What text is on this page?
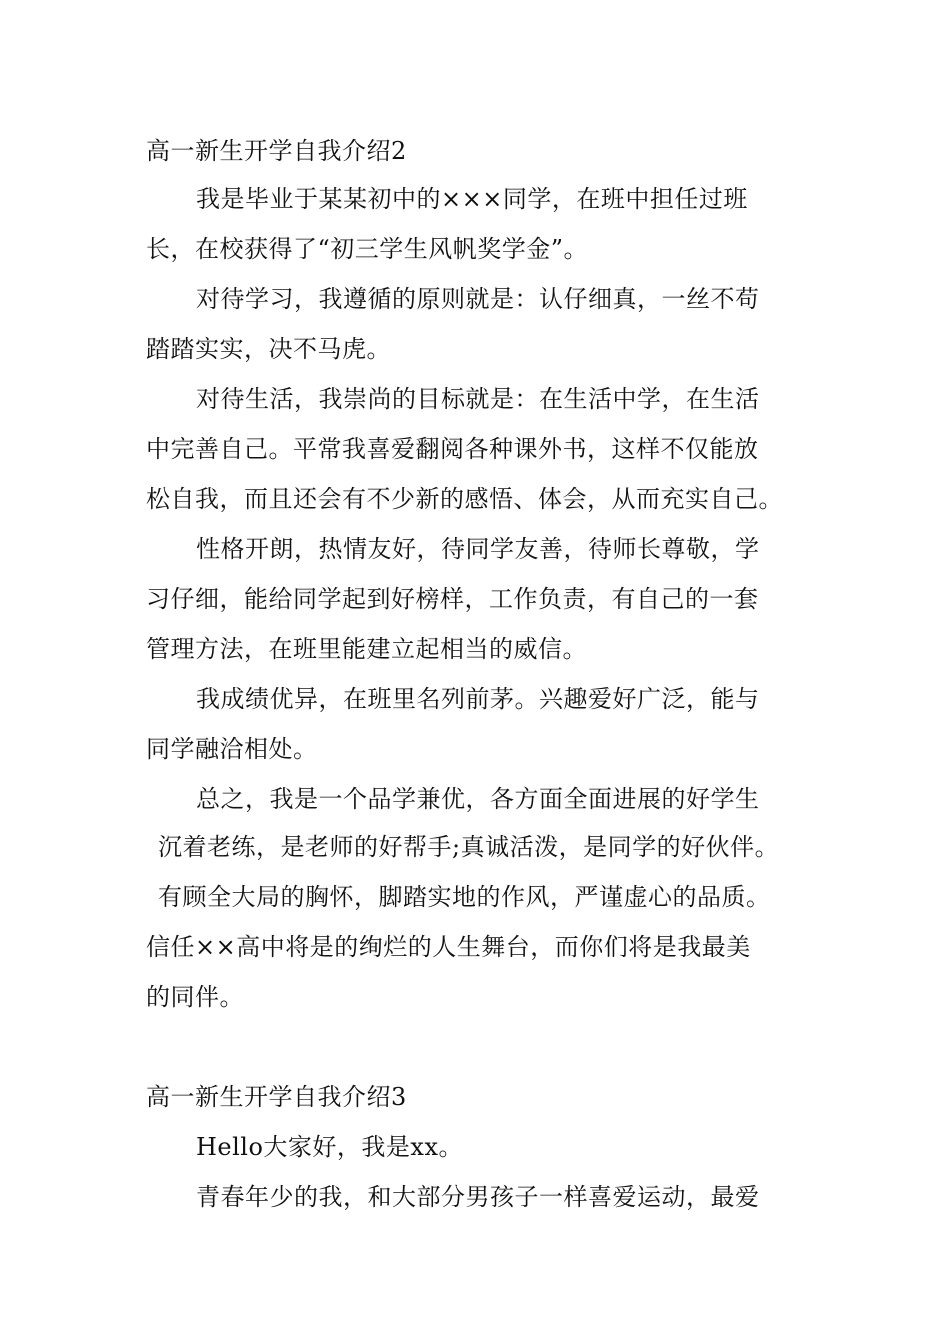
高一新生开学自我介绍2
我是毕业于某某初中的×××同学，在班中担任过班
长，在校获得了“初三学生风帆奖学金”。
对待学习，我遵循的原则就是：认仔细真，一丝不苟
踏踏实实，决不马虎。
对待生活，我崇尚的目标就是：在生活中学，在生活
中完善自己。平常我喜爱翻阅各种课外书，这样不仅能放
松自我，而且还会有不少新的感悟、体会，从而充实自己。
性格开朗，热情友好，待同学友善，待师长尊敬，学
习仔细，能给同学起到好榜样，工作负责，有自己的一套
管理方法，在班里能建立起相当的威信。
我成绩优异，在班里名列前茅。兴趣爱好广泛，能与
同学融洽相处。
总之，我是一个品学兼优，各方面全面进展的好学生
沉着老练，是老师的好帮手;真诚活泼，是同学的好伙伴。
有顾全大局的胸怀，脚踏实地的作风，严谨虚心的品质。
信任××高中将是的绚烂的人生舞台，而你们将是我最美
的同伴。
高一新生开学自我介绍3
Hello大家好，我是xx。
青春年少的我，和大部分男孩子一样喜爱运动，最爱
